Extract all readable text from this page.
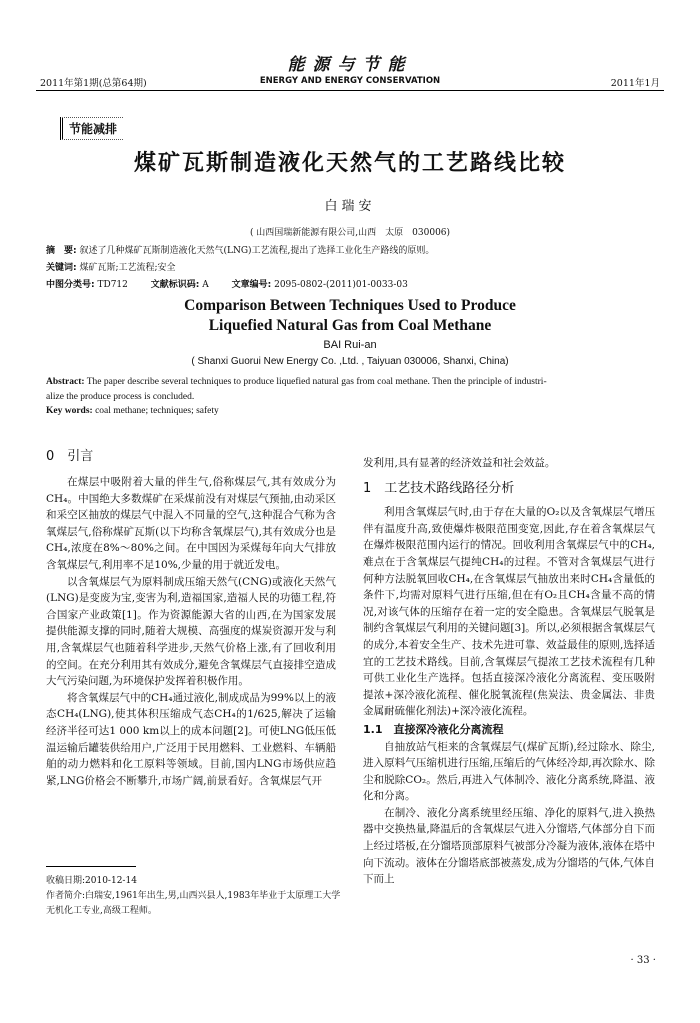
2011年第1期(总第64期)
能源与节能
ENERGY AND ENERGY CONSERVATION	2011年1月
节能减排
煤矿瓦斯制造液化天然气的工艺路线比较
白瑞安
( 山西国瑞新能源有限公司,山西　太原　030006)
摘　要: 叙述了几种煤矿瓦斯制造液化天然气(LNG)工艺流程,提出了选择工业化生产路线的原则。
关键词: 煤矿瓦斯;工艺流程;安全
中图分类号: TD712	文献标识码: A	文章编号: 2095-0802-(2011)01-0033-03
Comparison Between Techniques Used to Produce
Liquefied Natural Gas from Coal Methane
BAI Rui-an
( Shanxi Guorui New Energy Co. ,Ltd. , Taiyuan 030006, Shanxi, China)
Abstract: The paper describe several techniques to produce liquefied natural gas from coal methane. Then the principle of industri-
alize the produce process is concluded.
Key words: coal methane; techniques; safety
0　引言

在煤层中吸附着大量的伴生气,俗称煤层气,其有效成分为CH₄。中国绝大多数煤矿在采煤前没有对煤层气预抽,由动采区和采空区抽放的煤层气中混入不同量的空气,这种混合气称为含氧煤层气,俗称煤矿瓦斯(以下均称含氧煤层气),其有效成分也是CH₄,浓度在8%～80%之间。在中国因为采煤每年向大气排放含氧煤层气,利用率不足10%,少量的用于就近发电。

以含氧煤层气为原料制成压缩天然气(CNG)或液化天然气(LNG)是变废为宝,变害为利,造福国家,造福人民的功德工程,符合国家产业政策[1]。作为资源能源大省的山西,在为国家发展提供能源支撑的同时,随着大规模、高强度的煤炭资源开发与利用,含氧煤层气也随着科学进步,天然气价格上涨,有了回收利用的空间。在充分利用其有效成分,避免含氧煤层气直接排空造成大气污染问题,为环境保护发挥着积极作用。

将含氧煤层气中的CH₄通过液化,制成成品为99%以上的液态CH₄(LNG),使其体积压缩成气态CH₄的1/625,解决了运输经济半径可达1 000 km以上的成本问题[2]。可使LNG低压低温运输后罐装供给用户,广泛用于民用燃料、工业燃料、车辆船舶的动力燃料和化工原料等领域。目前,国内LNG市场供应趋紧,LNG价格会不断攀升,市场广阔,前景看好。含氧煤层气开

收稿日期:2010-12-14
作者简介:白瑞安,1961年出生,男,山西兴县人,1983年毕业于太原理工大学无机化工专业,高级工程师。

发利用,具有显著的经济效益和社会效益。

1　工艺技术路线路径分析

利用含氧煤层气时,由于存在大量的O₂以及含氧煤层气增压伴有温度升高,致使爆炸极限范围变宽,因此,存在着含氧煤层气在爆炸极限范围内运行的情况。回收利用含氧煤层气中的CH₄,难点在于含氧煤层气提纯CH₄的过程。不管对含氧煤层气进行何种方法脱氧回收CH₄,在含氧煤层气抽放出来时CH₄含量低的条件下,均需对原料气进行压缩,但在有O₂且CH₄含量不高的情况,对该气体的压缩存在着一定的安全隐患。含氧煤层气脱氧是制约含氧煤层气利用的关键问题[3]。所以,必须根据含氧煤层气的成分,本着安全生产、技术先进可靠、效益最佳的原则,选择适宜的工艺技术路线。目前,含氧煤层气提浓工艺技术流程有几种可供工业化生产选择。包括直接深冷液化分离流程、变压吸附提浓+深冷液化流程、催化脱氧流程(焦炭法、贵金属法、非贵金属耐硫催化剂法)+深冷液化流程。

1.1　直接深冷液化分离流程

自抽放站气柜来的含氧煤层气(煤矿瓦斯),经过除水、除尘,进入原料气压缩机进行压缩,压缩后的气体经冷却,再次除水、除尘和脱除CO₂。然后,再进入气体制冷、液化分离系统,降温、液化和分离。

在制冷、液化分离系统里经压缩、净化的原料气,进入换热器中交换热量,降温后的含氧煤层气进入分馏塔,气体部分自下而上经过塔板,在分馏塔顶部原料气被部分冷凝为液体,液体在塔中向下流动。液体在分馏塔底部被蒸发,成为分馏塔的气体,气体自下而上

· 33 ·
